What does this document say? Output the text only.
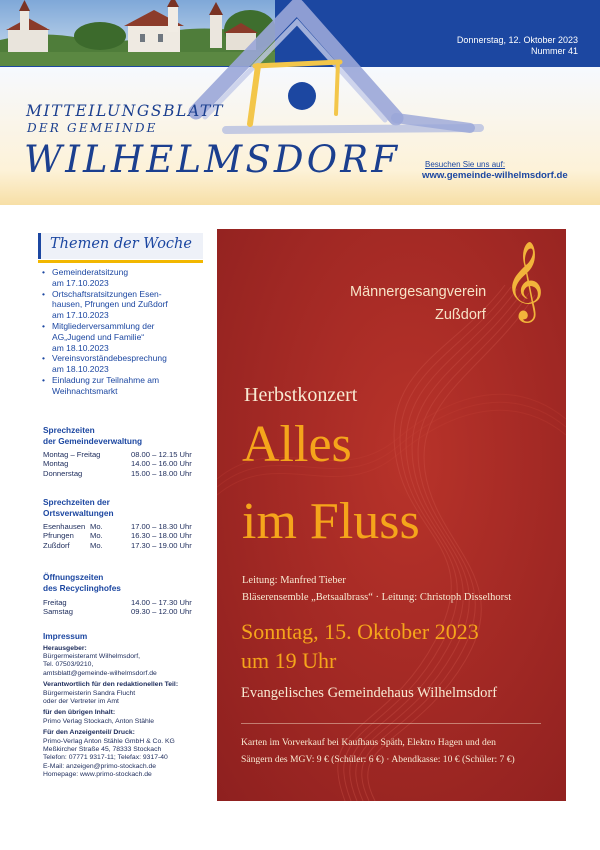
Donnerstag, 12. Oktober 2023
Nummer 41
MITTEILUNGSBLATT
DER GEMEINDE
WILHELMSDORF	Besuchen Sie uns auf:
www.gemeinde-wilhelmsdorf.de
Themen der Woche
• Gemeinderatsitzung
am 17.10.2023
• Ortschaftsratsitzungen Esen-
hausen, Pfrungen und Zußdorf
am 17.10.2023
• Mitgliederversammlung der
AG„Jugend und Familie“
am 18.10.2023
• Vereinsvorständebesprechung
am 18.10.2023
• Einladung zur Teilnahme am
Weihnachtsmarkt
Sprechzeiten
der Gemeindeverwaltung
Montag – Freitag	08.00 – 12.15 Uhr
Montag	14.00 – 16.00 Uhr
Donnerstag	15.00 – 18.00 Uhr
Sprechzeiten der
Ortsverwaltungen
Esenhausen Mo.	17.00 – 18.30 Uhr
Pfrungen Mo.	16.30 – 18.00 Uhr
Zußdorf	Mo.	17.30 – 19.00 Uhr
Öffnungszeiten
des Recyclinghofes
Freitag	14.00 – 17.30 Uhr
Samstag	09.30 – 12.00 Uhr
Impressum
Herausgeber:
Bürgermeisteramt Wilhelmsdorf,
Tel. 07503/9210,
amtsblatt@gemeinde-wilhelmsdorf.de
Verantwortlich für den redaktionellen Teil:
Bürgermeisterin Sandra Flucht
oder der Vertreter im Amt
für den übrigen Inhalt:
Primo Verlag Stockach, Anton Stähle
Für den Anzeigenteil/ Druck:
Primo-Verlag Anton Stähle GmbH & Co. KG
Meßkircher Straße 45, 78333 Stockach
Telefon: 07771 9317-11; Telefax: 9317-40
E-Mail: anzeigen@primo-stockach.de
Homepage: www.primo-stockach.de
Männergesangverein
Zußdorf 𝄞
Herbstkonzert
Alles
im Fluss
Leitung: Manfred Tieber
Bläserensemble „Betsaalbrass“ · Leitung: Christoph Disselhorst
Sonntag, 15. Oktober 2023
um 19 Uhr
Evangelisches Gemeindehaus Wilhelmsdorf
Karten im Vorverkauf bei Kaufhaus Späth, Elektro Hagen und den
Sängern des MGV: 9 € (Schüler: 6 €) · Abendkasse: 10 € (Schüler: 7 €)
